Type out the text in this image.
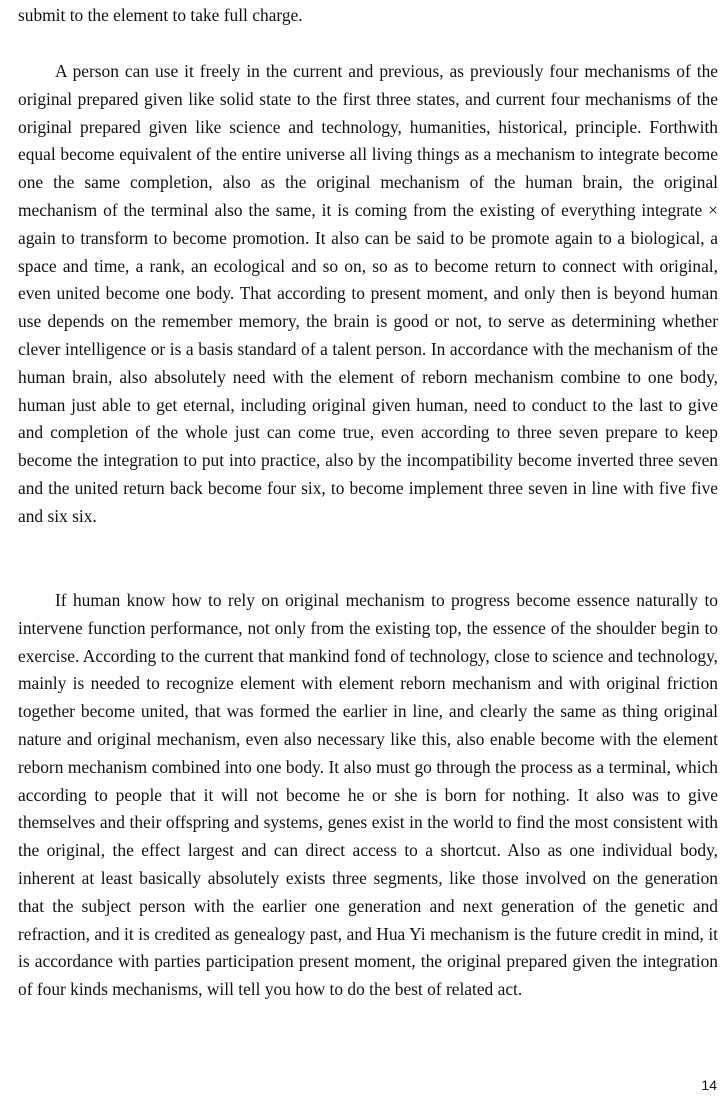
submit to the element to take full charge.

A person can use it freely in the current and previous, as previously four mechanisms of the original prepared given like solid state to the first three states, and current four mechanisms of the original prepared given like science and technology, humanities, historical, principle. Forthwith equal become equivalent of the entire universe all living things as a mechanism to integrate become one the same completion, also as the original mechanism of the human brain, the original mechanism of the terminal also the same, it is coming from the existing of everything integrate × again to transform to become promotion. It also can be said to be promote again to a biological, a space and time, a rank, an ecological and so on, so as to become return to connect with original, even united become one body. That according to present moment, and only then is beyond human use depends on the remember memory, the brain is good or not, to serve as determining whether clever intelligence or is a basis standard of a talent person. In accordance with the mechanism of the human brain, also absolutely need with the element of reborn mechanism combine to one body, human just able to get eternal, including original given human, need to conduct to the last to give and completion of the whole just can come true, even according to three seven prepare to keep become the integration to put into practice, also by the incompatibility become inverted three seven and the united return back become four six, to become implement three seven in line with five five and six six.

If human know how to rely on original mechanism to progress become essence naturally to intervene function performance, not only from the existing top, the essence of the shoulder begin to exercise. According to the current that mankind fond of technology, close to science and technology, mainly is needed to recognize element with element reborn mechanism and with original friction together become united, that was formed the earlier in line, and clearly the same as thing original nature and original mechanism, even also necessary like this, also enable become with the element reborn mechanism combined into one body. It also must go through the process as a terminal, which according to people that it will not become he or she is born for nothing. It also was to give themselves and their offspring and systems, genes exist in the world to find the most consistent with the original, the effect largest and can direct access to a shortcut. Also as one individual body, inherent at least basically absolutely exists three segments, like those involved on the generation that the subject person with the earlier one generation and next generation of the genetic and refraction, and it is credited as genealogy past, and Hua Yi mechanism is the future credit in mind, it is accordance with parties participation present moment, the original prepared given the integration of four kinds mechanisms, will tell you how to do the best of related act.

14
